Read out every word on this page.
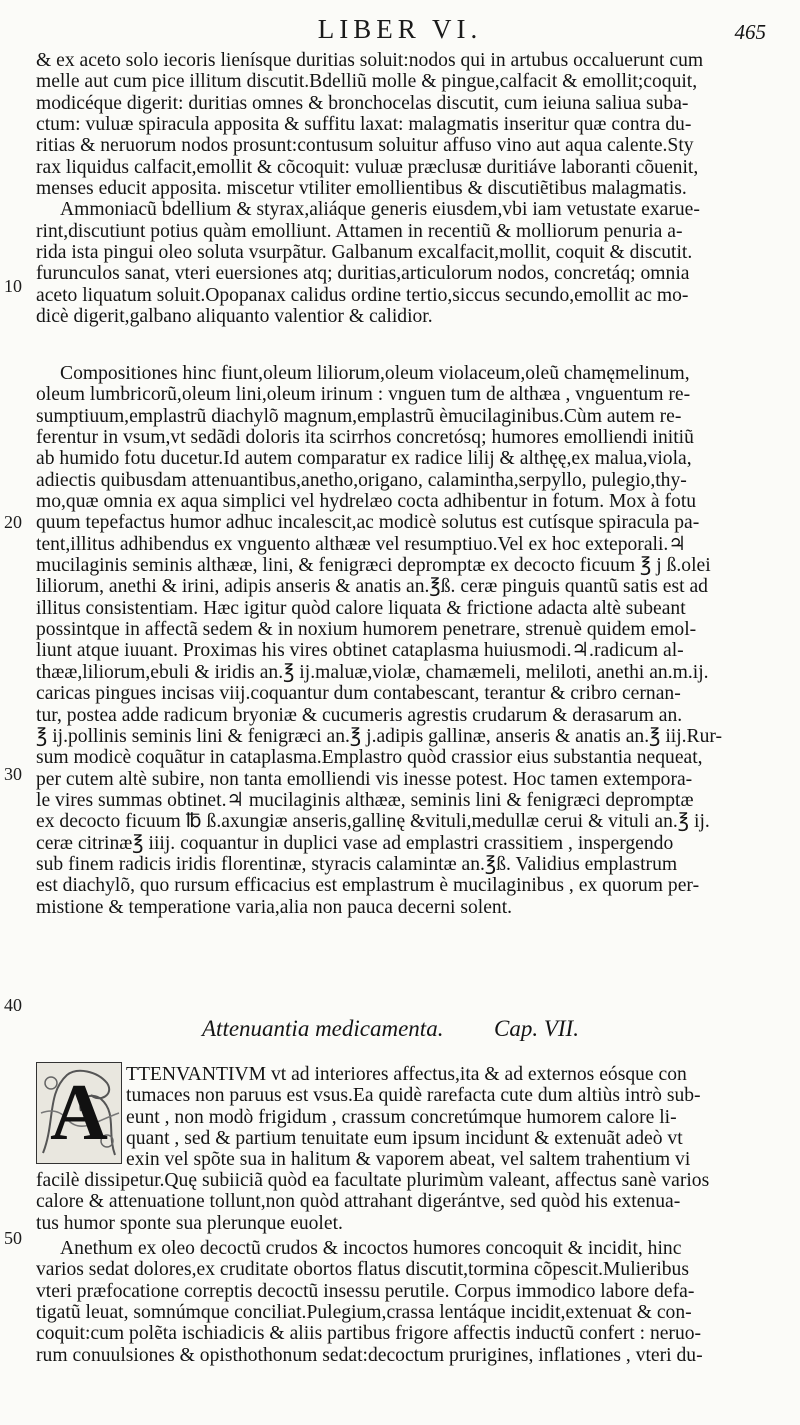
LIBER VI.	465

& ex aceto solo iecoris lienísque duritias soluit:nodos qui in artubus occaluerunt cum

melle aut cum pice illitum discutit.Bdelliũ molle & pingue,calfacit & emollit;coquit,

modicéque digerit: duritias omnes & bronchocelas discutit, cum ieiuna saliua suba-

ctum: vuluæ spiracula apposita & suffitu laxat: malagmatis inseritur quæ contra du-

ritias & neruorum nodos prosunt:contusum soluitur affuso vino aut aqua calente.Sty

rax liquidus calfacit,emollit & cõcoquit: vuluæ præclusæ duritiáve laboranti cõuenit,

menses educit apposita. miscetur vtiliter emollientibus & discutiẽtibus malagmatis.

Ammoniacũ bdellium & styrax,aliáque generis eiusdem,vbi iam vetustate exarue-

rint,discutiunt potius quàm emolliunt. Attamen in recentiũ & molliorum penuria a-

rida ista pingui oleo soluta vsurpãtur. Galbanum excalfacit,mollit, coquit & discutit.

furunculos sanat, vteri euersiones atq; duritias,articulorum nodos, concretáq; omnia

aceto liquatum soluit.Opopanax calidus ordine tertio,siccus secundo,emollit ac mo-

dicè digerit,galbano aliquanto valentior & calidior.

Compositiones hinc fiunt,oleum liliorum,oleum violaceum,oleũ chamęmelinum,

oleum lumbricorũ,oleum lini,oleum irinum : vnguen tum de althæa , vnguentum re-

sumptiuum,emplastrũ diachylõ magnum,emplastrũ èmucilaginibus.Cùm autem re-

ferentur in vsum,vt sedãdi doloris ita scirrhos concretósq; humores emolliendi initiũ

ab humido fotu ducetur.Id autem comparatur ex radice lilij & althęę,ex malua,viola,

adiectis quibusdam attenuantibus,anetho,origano, calamintha,serpyllo, pulegio,thy-

mo,quæ omnia ex aqua simplici vel hydrelæo cocta adhibentur in fotum. Mox à fotu

quum tepefactus humor adhuc incalescit,ac modicè solutus est cutísque spiracula pa-

tent,illitus adhibendus ex vnguento althææ vel resumptiuo.Vel ex hoc exteporali.♃

mucilaginis seminis althææ, lini, & fenigræci depromptæ ex decocto ficuum ℥ j ß.olei

liliorum, anethi & irini, adipis anseris & anatis an.℥ß. ceræ pinguis quantũ satis est ad

illitus consistentiam. Hæc igitur quòd calore liquata & frictione adacta altè subeant

possintque in affectã sedem & in noxium humorem penetrare, strenuè quidem emol-

liunt atque iuuant. Proximas his vires obtinet cataplasma huiusmodi.♃.radicum al-

thææ,liliorum,ebuli & iridis an.℥ ij.maluæ,violæ, chamæmeli, meliloti, anethi an.m.ij.

caricas pingues incisas viij.coquantur dum contabescant, terantur & cribro cernan-

tur, postea adde radicum bryoniæ & cucumeris agrestis crudarum & derasarum an.

℥ ij.pollinis seminis lini & fenigræci an.℥ j.adipis gallinæ, anseris & anatis an.℥ iij.Rur-

sum modicè coquãtur in cataplasma.Emplastro quòd crassior eius substantia nequeat,

per cutem altè subire, non tanta emolliendi vis inesse potest. Hoc tamen extempora-

le vires summas obtinet.♃ mucilaginis althææ, seminis lini & fenigræci depromptæ

ex decocto ficuum ℔ ß.axungiæ anseris,gallinę &vituli,medullæ cerui & vituli an.℥ ij.

ceræ citrinæ℥ iiij. coquantur in duplici vase ad emplastri crassitiem , inspergendo

sub finem radicis iridis florentinæ, styracis calamintæ an.℥ß. Validius emplastrum

est diachylõ, quo rursum efficacius est emplastrum è mucilaginibus , ex quorum per-

mistione & temperatione varia,alia non pauca decerni solent.

10
20
30
40
50
Attenuantia medicamenta. Cap. VII.
A TTENVANTIVM vt ad interiores affectus,ita & ad externos eósque con

tumaces non paruus est vsus.Ea quidè rarefacta cute dum altiùs intrò sub-

eunt , non modò frigidum , crassum concretúmque humorem calore li-

quant , sed & partium tenuitate eum ipsum incidunt & extenuãt adeò vt

exin vel spõte sua in halitum & vaporem abeat, vel saltem trahentium vi

facilè dissipetur.Quę subiiciã quòd ea facultate plurimùm valeant, affectus sanè varios

calore & attenuatione tollunt,non quòd attrahant digerántve, sed quòd his extenua-

tus humor sponte sua plerunque euolet.

Anethum ex oleo decoctũ crudos & incoctos humores concoquit & incidit, hinc

varios sedat dolores,ex cruditate obortos flatus discutit,tormina cõpescit.Mulieribus

vteri præfocatione correptis decoctũ insessu perutile. Corpus immodico labore defa-

tigatũ leuat, somnúmque conciliat.Pulegium,crassa lentáque incidit,extenuat & con-

coquit:cum polẽta ischiadicis & aliis partibus frigore affectis inductũ confert : neruo-

rum conuulsiones & opisthothonum sedat:decoctum prurigines, inflationes , vteri du-
